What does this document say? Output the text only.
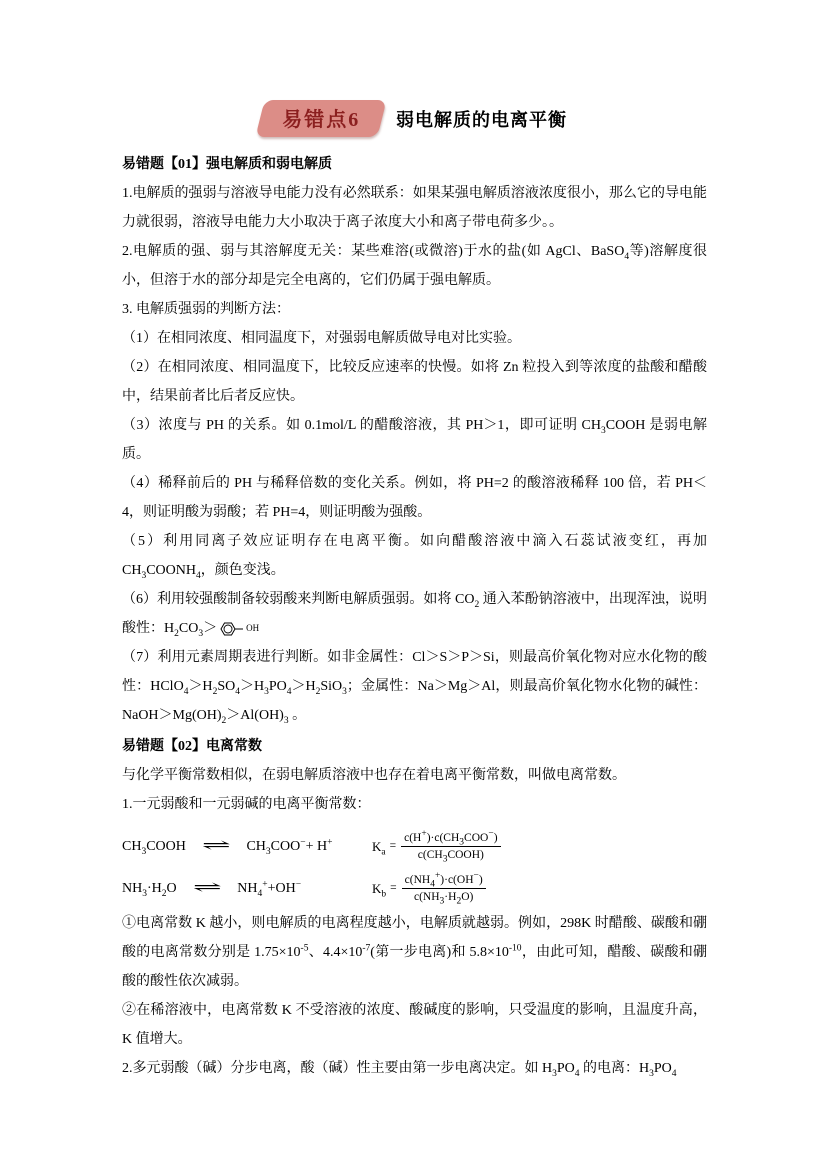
易错点6	弱电解质的电离平衡

易错题【01】强电解质和弱电解质

1.电解质的强弱与溶液导电能力没有必然联系：如果某强电解质溶液浓度很小，那么它的导电能力就很弱，溶液导电能力大小取决于离子浓度大小和离子带电荷多少。。

2.电解质的强、弱与其溶解度无关：某些难溶(或微溶)于水的盐(如 AgCl、BaSO$_4$等)溶解度很小，但溶于水的部分却是完全电离的，它们仍属于强电解质。

3. 电解质强弱的判断方法：

（1）在相同浓度、相同温度下，对强弱电解质做导电对比实验。

（2）在相同浓度、相同温度下，比较反应速率的快慢。如将 Zn 粒投入到等浓度的盐酸和醋酸中，结果前者比后者反应快。

（3）浓度与 PH 的关系。如 0.1mol/L 的醋酸溶液，其 PH＞1，即可证明 $CH_3COOH$ 是弱电解质。

（4）稀释前后的 PH 与稀释倍数的变化关系。例如，将 PH=2 的酸溶液稀释 100 倍，若 PH＜4，则证明酸为弱酸；若 PH=4，则证明酸为强酸。

（5）利用同离子效应证明存在电离平衡。如向醋酸溶液中滴入石蕊试液变红，再加$CH_3COONH_4$，颜色变浅。

（6）利用较强酸制备较弱酸来判断电解质强弱。如将 $CO_2$ 通入苯酚钠溶液中，出现浑浊，说明酸性：$H_2CO_3>$	OH

（7）利用元素周期表进行判断。如非金属性：Cl＞S＞P＞Si，则最高价氧化物对应水化物的酸性：$HClO_4>H_2SO_4>H_3PO_4>H_2SiO_3$；金属性：Na＞Mg＞Al，则最高价氧化物水化物的碱性：$NaOH>Mg(OH)_2>Al(OH)_3$ 。

易错题【02】电离常数

与化学平衡常数相似，在弱电解质溶液中也存在着电离平衡常数，叫做电离常数。

1.一元弱酸和一元弱碱的电离平衡常数：

$CH_3COOH$ ⇌ $CH_3COO^-+ H^+$	$K_a$
= $\frac{c(H^+)\cdot c(CH_3COO^-)}{c(CH_3COOH)}$
$NH_3\cdot H_2O$ ⇌ $NH_4^++OH^-$	$K_b$
= $\frac{c(NH_4^+)\cdot c(OH^-)}{c(NH_3\cdot H_2O)}$

①电离常数 K 越小，则电解质的电离程度越小，电解质就越弱。例如，298K 时醋酸、碳酸和硼酸的电离常数分别是 $1.75\times 10^{-5}$、$4.4\times 10^{-7}$(第一步电离)和 $5.8\times 10^{-10}$，由此可知，醋酸、碳酸和硼酸的酸性依次减弱。

②在稀溶液中，电离常数 K 不受溶液的浓度、酸碱度的影响，只受温度的影响，且温度升高，K 值增大。

2.多元弱酸（碱）分步电离，酸（碱）性主要由第一步电离决定。如 $H_3PO_4$ 的电离：$H_3PO_4$
